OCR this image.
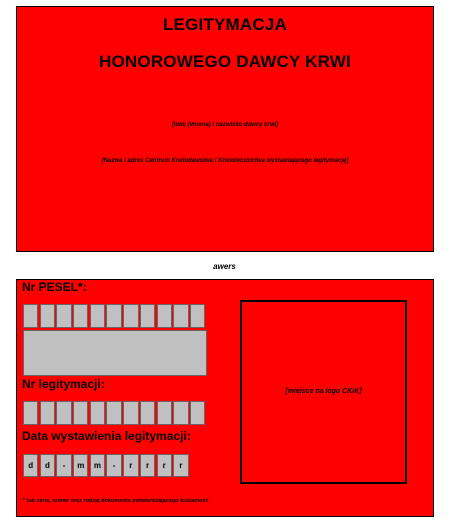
LEGITYMACJA
HONOROWEGO DAWCY KRWI
[Imię (imiona) i nazwisko dawcy krwi]
[Nazwa i adres Centrum Krwiodawstwa i Krwiolecznictwa wystawiającego legitymację]
awers
Nr PESEL*:
Nr legitymacji:
Data wystawienia legitymacji:
d	d	-	m	m	-	r	r	r	r
[miejsce na logo CKiK]
* lub seria, numer oraz rodzaj dokumentu potwierdzającego tożsamość
